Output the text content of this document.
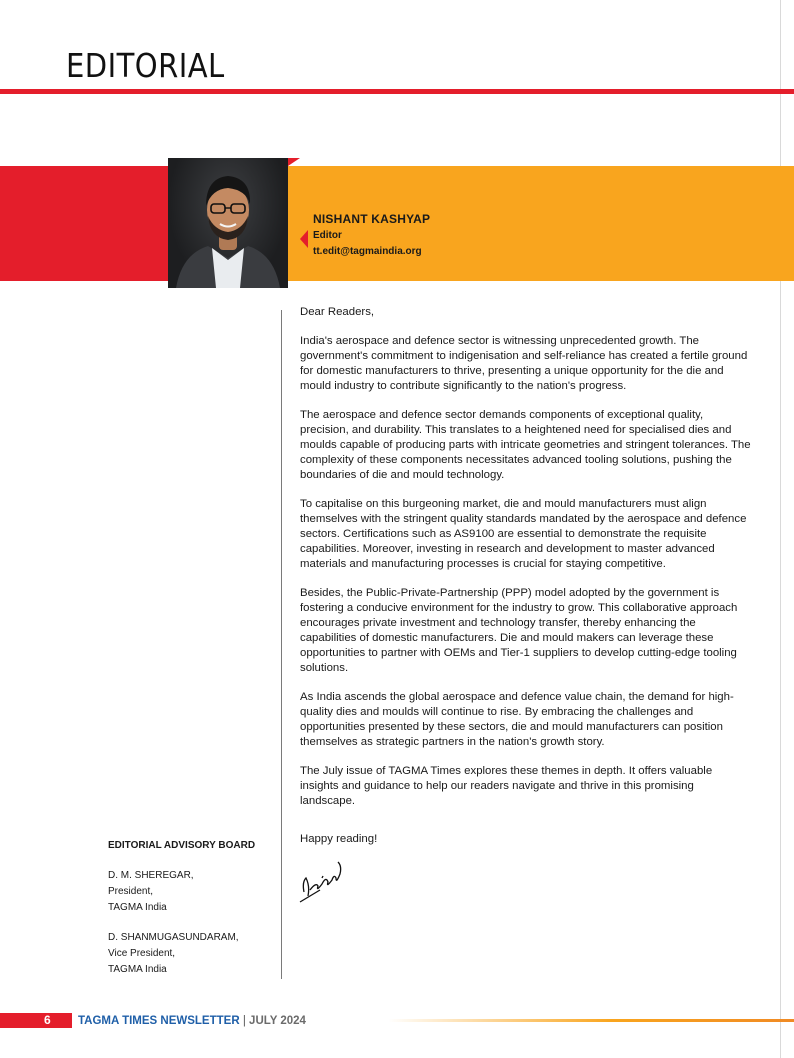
EDITORIAL
NISHANT KASHYAP
Editor
tt.edit@tagmaindia.org

Dear Readers,

India's aerospace and defence sector is witnessing unprecedented growth. The government's commitment to indigenisation and self-reliance has created a fertile ground for domestic manufacturers to thrive, presenting a unique opportunity for the die and mould industry to contribute significantly to the nation's progress.

The aerospace and defence sector demands components of exceptional quality, precision, and durability. This translates to a heightened need for specialised dies and moulds capable of producing parts with intricate geometries and stringent tolerances. The complexity of these components necessitates advanced tooling solutions, pushing the boundaries of die and mould technology.

To capitalise on this burgeoning market, die and mould manufacturers must align themselves with the stringent quality standards mandated by the aerospace and defence sectors. Certifications such as AS9100 are essential to demonstrate the requisite capabilities. Moreover, investing in research and development to master advanced materials and manufacturing processes is crucial for staying competitive.

Besides, the Public-Private-Partnership (PPP) model adopted by the government is fostering a conducive environment for the industry to grow. This collaborative approach encourages private investment and technology transfer, thereby enhancing the capabilities of domestic manufacturers. Die and mould makers can leverage these opportunities to partner with OEMs and Tier-1 suppliers to develop cutting-edge tooling solutions.

As India ascends the global aerospace and defence value chain, the demand for high-quality dies and moulds will continue to rise. By embracing the challenges and opportunities presented by these sectors, die and mould manufacturers can position themselves as strategic partners in the nation's growth story.

The July issue of TAGMA Times explores these themes in depth. It offers valuable insights and guidance to help our readers navigate and thrive in this promising landscape.

Happy reading!
EDITORIAL ADVISORY BOARD
D. M. SHEREGAR,
President,
TAGMA India
D. SHANMUGASUNDARAM,
Vice President,
TAGMA India
6 TAGMA TIMES NEWSLETTER | JULY 2024
